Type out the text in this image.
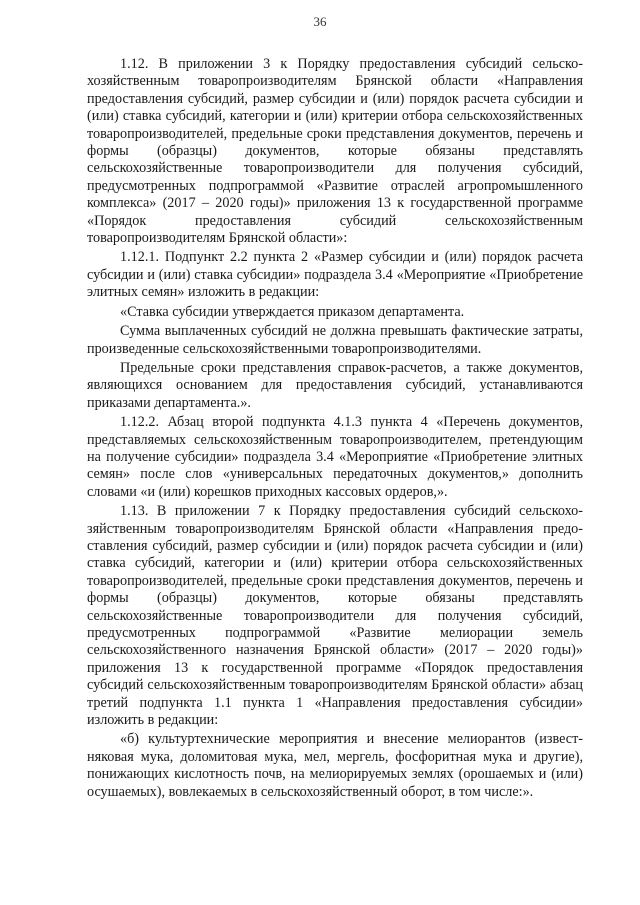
36

1.12. В приложении 3 к Порядку предоставления субсидий сельскохозяйственным товаропроизводителям Брянской области «Направления предоставления субсидий, размер субсидии и (или) порядок расчета субсидии и (или) ставка субсидий, категории и (или) критерии отбора сельскохозяйственных товаропроизводителей, предельные сроки представления документов, перечень и формы (образцы) документов, которые обязаны представлять сельскохозяйственные товаропроизводители для получения субсидий, предусмотренных подпрограммой «Развитие отраслей агропромышленного комплекса» (2017 – 2020 годы)» приложения 13 к государственной программе «Порядок предоставления субсидий сельскохозяйственным товаропроизводителям Брянской области»:

1.12.1. Подпункт 2.2 пункта 2 «Размер субсидии и (или) порядок расчета субсидии и (или) ставка субсидии» подраздела 3.4 «Мероприятие «Приобретение элитных семян» изложить в редакции:

«Ставка субсидии утверждается приказом департамента.

Сумма выплаченных субсидий не должна превышать фактические затраты, произведенные сельскохозяйственными товаропроизводителями.

Предельные сроки представления справок-расчетов, а также документов, являющихся основанием для предоставления субсидий, устанавливаются приказами департамента.».

1.12.2. Абзац второй подпункта 4.1.3 пункта 4 «Перечень документов, представляемых сельскохозяйственным товаропроизводителем, претендующим на получение субсидии» подраздела 3.4 «Мероприятие «Приобретение элитных семян» после слов «универсальных передаточных документов,» дополнить словами «и (или) корешков приходных кассовых ордеров,».

1.13. В приложении 7 к Порядку предоставления субсидий сельскохозяйственным товаропроизводителям Брянской области «Направления предоставления субсидий, размер субсидии и (или) порядок расчета субсидии и (или) ставка субсидий, категории и (или) критерии отбора сельскохозяйственных товаропроизводителей, предельные сроки представления документов, перечень и формы (образцы) документов, которые обязаны представлять сельскохозяйственные товаропроизводители для получения субсидий, предусмотренных подпрограммой «Развитие мелиорации земель сельскохозяйственного назначения Брянской области» (2017 – 2020 годы)» приложения 13 к государственной программе «Порядок предоставления субсидий сельскохозяйственным товаропроизводителям Брянской области» абзац третий подпункта 1.1 пункта 1 «Направления предоставления субсидии» изложить в редакции:

«б) культуртехнические мероприятия и внесение мелиорантов (известняковая мука, доломитовая мука, мел, мергель, фосфоритная мука и другие), понижающих кислотность почв, на мелиорируемых землях (орошаемых и (или) осушаемых), вовлекаемых в сельскохозяйственный оборот, в том числе:».
